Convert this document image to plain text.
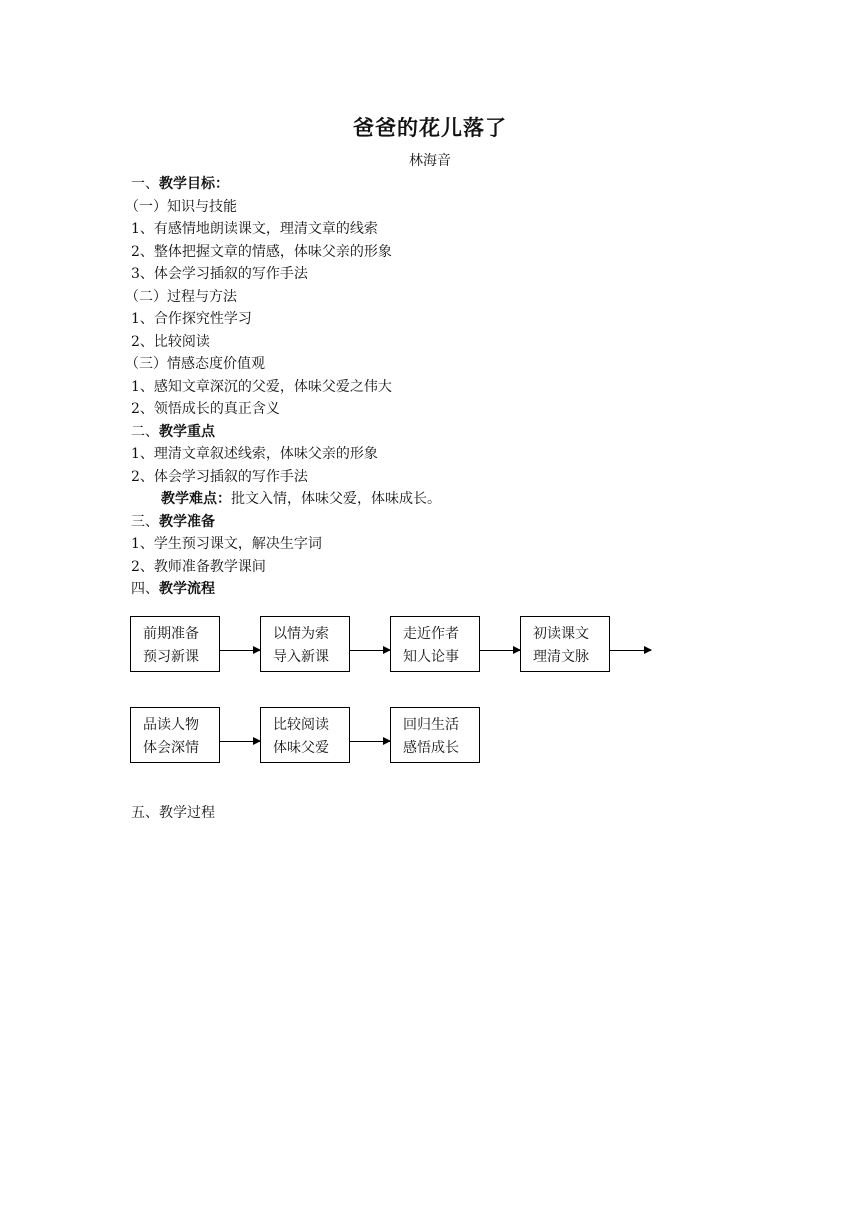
爸爸的花儿落了
林海音
一、教学目标：
（一）知识与技能
1、有感情地朗读课文，理清文章的线索
2、整体把握文章的情感，体味父亲的形象
3、体会学习插叙的写作手法
（二）过程与方法
1、合作探究性学习
2、比较阅读
（三）情感态度价值观
1、感知文章深沉的父爱，体味父爱之伟大
2、领悟成长的真正含义
二、教学重点
1、理清文章叙述线索，体味父亲的形象
2、体会学习插叙的写作手法
教学难点：批文入情，体味父爱，体味成长。
三、教学准备
1、学生预习课文，解决生字词
2、教师准备教学课间
四、教学流程
前期准备
预习新课
以情为索
导入新课
走近作者
知人论事
初读课文
理清文脉
品读人物
体会深情
比较阅读
体味父爱
回归生活
感悟成长
五、教学过程
